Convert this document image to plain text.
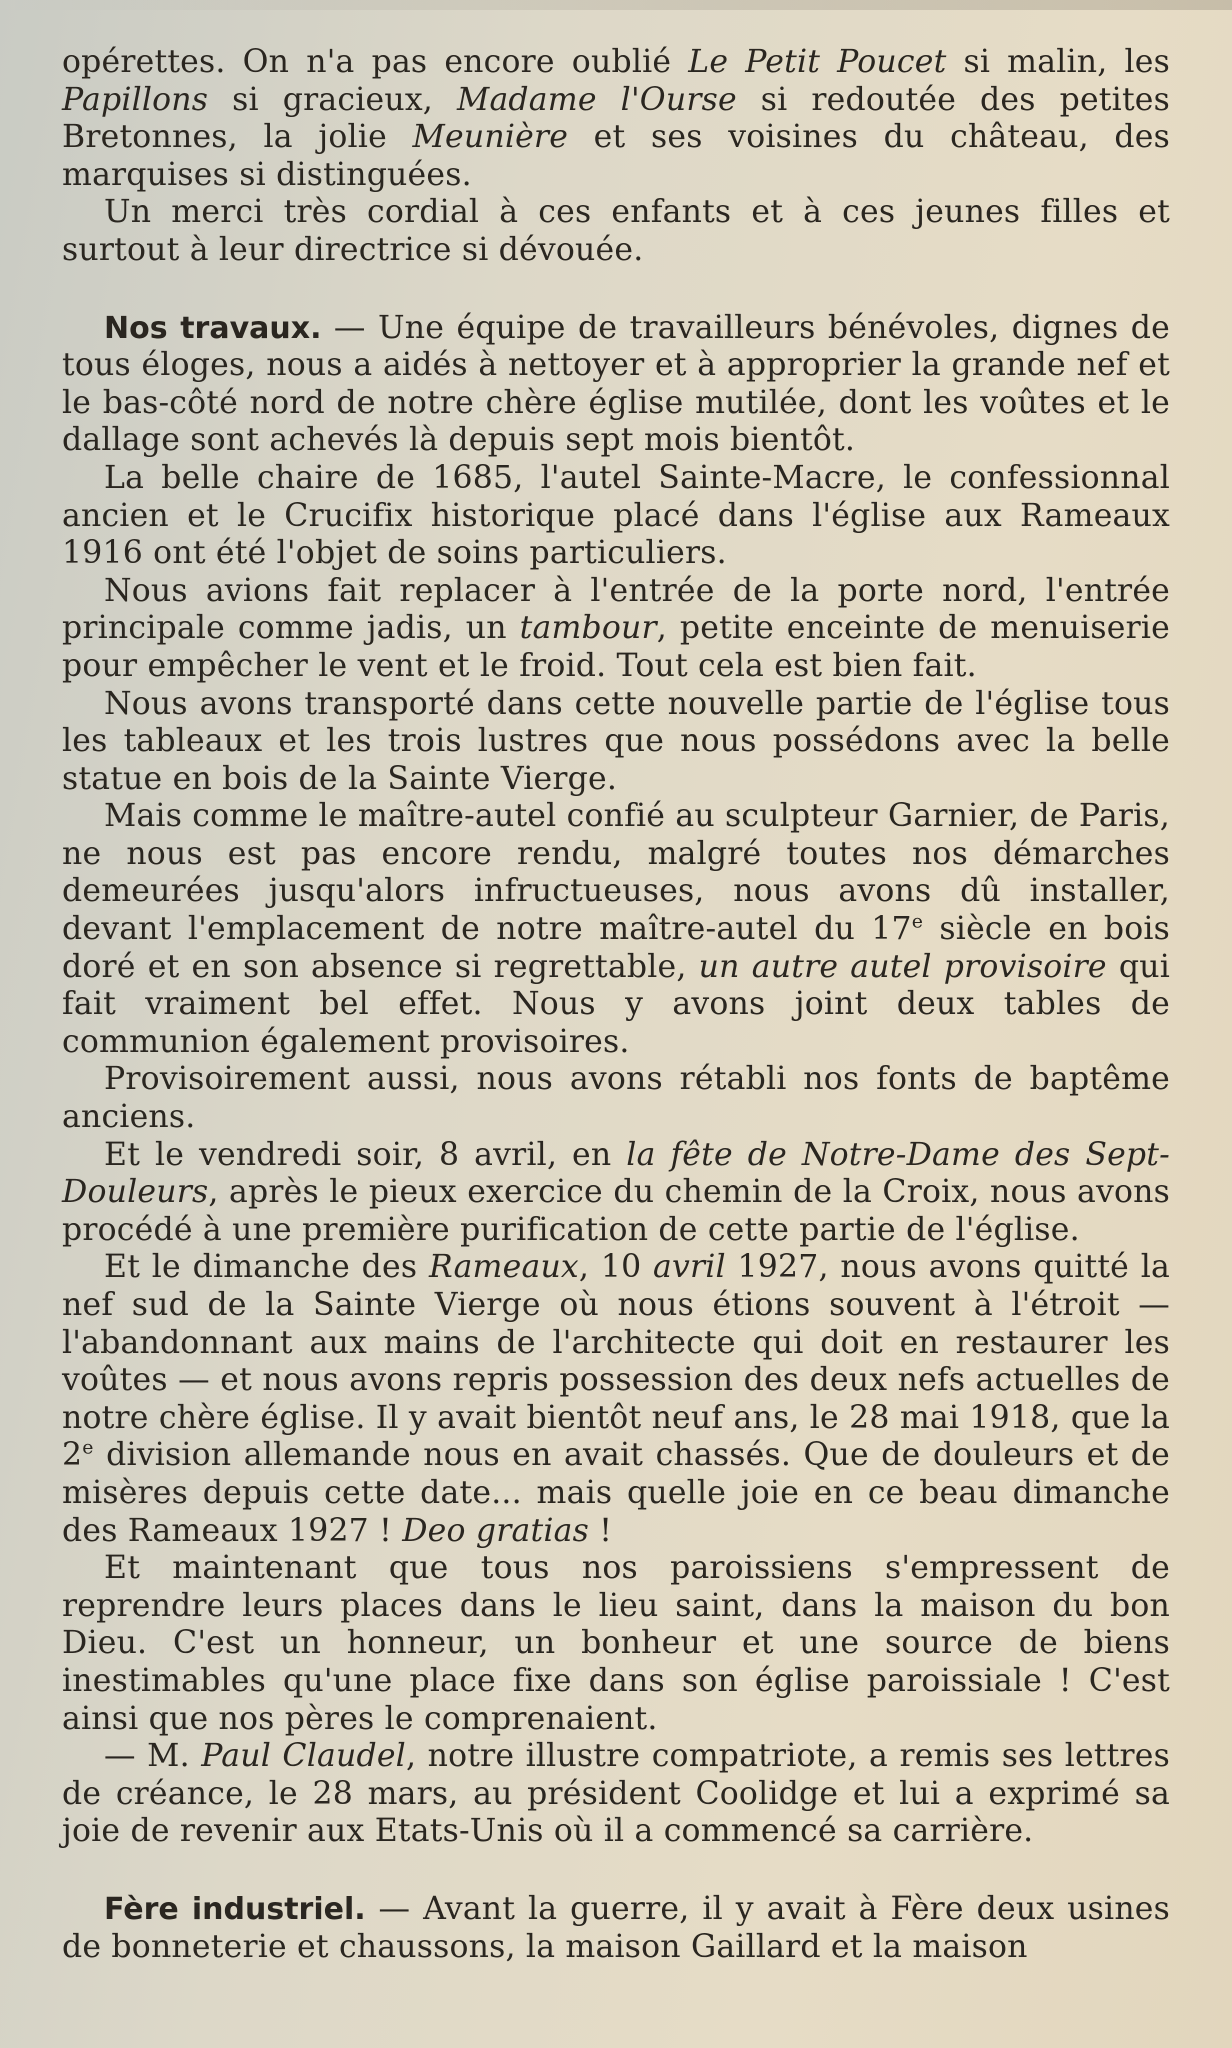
opérettes. On n'a pas encore oublié Le Petit Poucet si malin, les Papillons si gracieux, Madame l'Ourse si redoutée des petites Bretonnes, la jolie Meunière et ses voisines du château, des marquises si distinguées.

Un merci très cordial à ces enfants et à ces jeunes filles et surtout à leur directrice si dévouée.

Nos travaux. — Une équipe de travailleurs bénévoles, dignes de tous éloges, nous a aidés à nettoyer et à approprier la grande nef et le bas-côté nord de notre chère église mutilée, dont les voûtes et le dallage sont achevés là depuis sept mois bientôt.

La belle chaire de 1685, l'autel Sainte-Macre, le confessionnal ancien et le Crucifix historique placé dans l'église aux Rameaux 1916 ont été l'objet de soins particuliers.

Nous avions fait replacer à l'entrée de la porte nord, l'entrée principale comme jadis, un tambour, petite enceinte de menuiserie pour empêcher le vent et le froid. Tout cela est bien fait.

Nous avons transporté dans cette nouvelle partie de l'église tous les tableaux et les trois lustres que nous possédons avec la belle statue en bois de la Sainte Vierge.

Mais comme le maître-autel confié au sculpteur Garnier, de Paris, ne nous est pas encore rendu, malgré toutes nos démarches demeurées jusqu'alors infructueuses, nous avons dû installer, devant l'emplacement de notre maître-autel du 17e siècle en bois doré et en son absence si regrettable, un autre autel provisoire qui fait vraiment bel effet. Nous y avons joint deux tables de communion également provisoires.

Provisoirement aussi, nous avons rétabli nos fonts de baptême anciens.

Et le vendredi soir, 8 avril, en la fête de Notre-Dame des Sept-Douleurs, après le pieux exercice du chemin de la Croix, nous avons procédé à une première purification de cette partie de l'église.

Et le dimanche des Rameaux, 10 avril 1927, nous avons quitté la nef sud de la Sainte Vierge où nous étions souvent à l'étroit — l'abandonnant aux mains de l'architecte qui doit en restaurer les voûtes — et nous avons repris possession des deux nefs actuelles de notre chère église. Il y avait bientôt neuf ans, le 28 mai 1918, que la 2e division allemande nous en avait chassés. Que de douleurs et de misères depuis cette date... mais quelle joie en ce beau dimanche des Rameaux 1927 ! Deo gratias !

Et maintenant que tous nos paroissiens s'empressent de reprendre leurs places dans le lieu saint, dans la maison du bon Dieu. C'est un honneur, un bonheur et une source de biens inestimables qu'une place fixe dans son église paroissiale ! C'est ainsi que nos pères le comprenaient.

— M. Paul Claudel, notre illustre compatriote, a remis ses lettres de créance, le 28 mars, au président Coolidge et lui a exprimé sa joie de revenir aux Etats-Unis où il a commencé sa carrière.

Fère industriel. — Avant la guerre, il y avait à Fère deux usines de bonneterie et chaussons, la maison Gaillard et la maison
